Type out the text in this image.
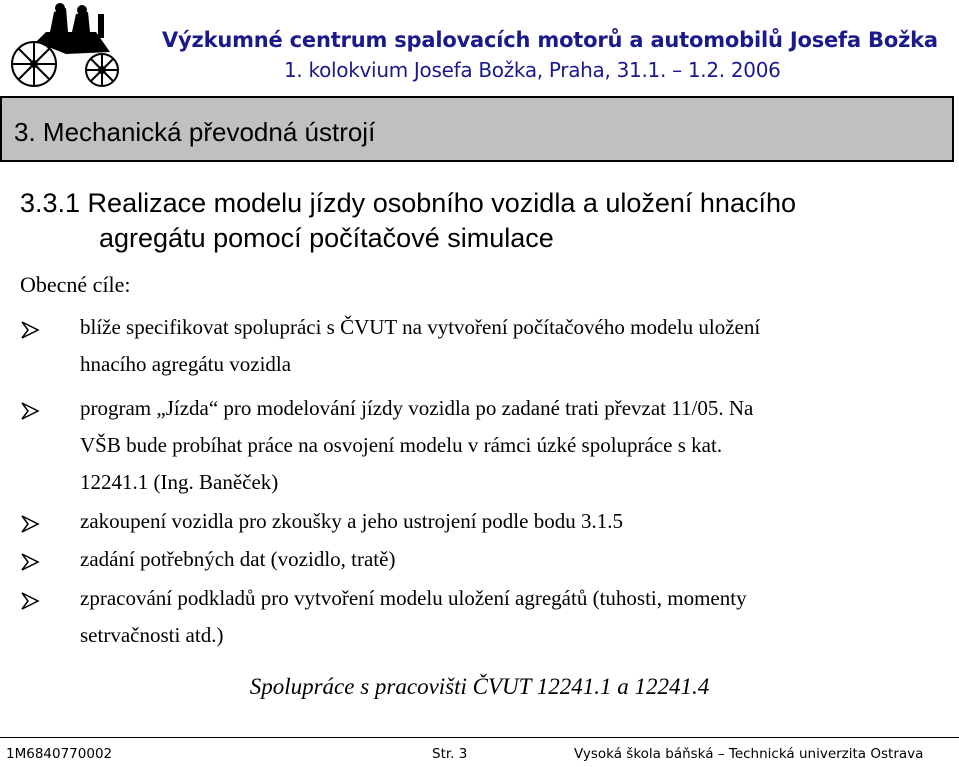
Výzkumné centrum spalovacích motorů a automobilů Josefa Božka
1. kolokvium Josefa Božka, Praha, 31.1. – 1.2. 2006
3. Mechanická převodná ústrojí
3.3.1 Realizace modelu jízdy osobního vozidla a uložení hnacího
agregátu pomocí počítačové simulace
Obecné cíle:
blíže specifikovat spolupráci s ČVUT na vytvoření počítačového modelu uložení
hnacího agregátu vozidla
program „Jízda“ pro modelování jízdy vozidla po zadané trati převzat 11/05. Na
VŠB bude probíhat práce na osvojení modelu v rámci úzké spolupráce s kat.
12241.1 (Ing. Baněček)
zakoupení vozidla pro zkoušky a jeho ustrojení podle bodu 3.1.5
zadání potřebných dat (vozidlo, tratě)
zpracování podkladů pro vytvoření modelu uložení agregátů (tuhosti, momenty
setrvačnosti atd.)
Spolupráce s pracovišti ČVUT 12241.1 a 12241.4
1M6840770002	Str. 3	Vysoká škola báňská – Technická univerzita Ostrava
